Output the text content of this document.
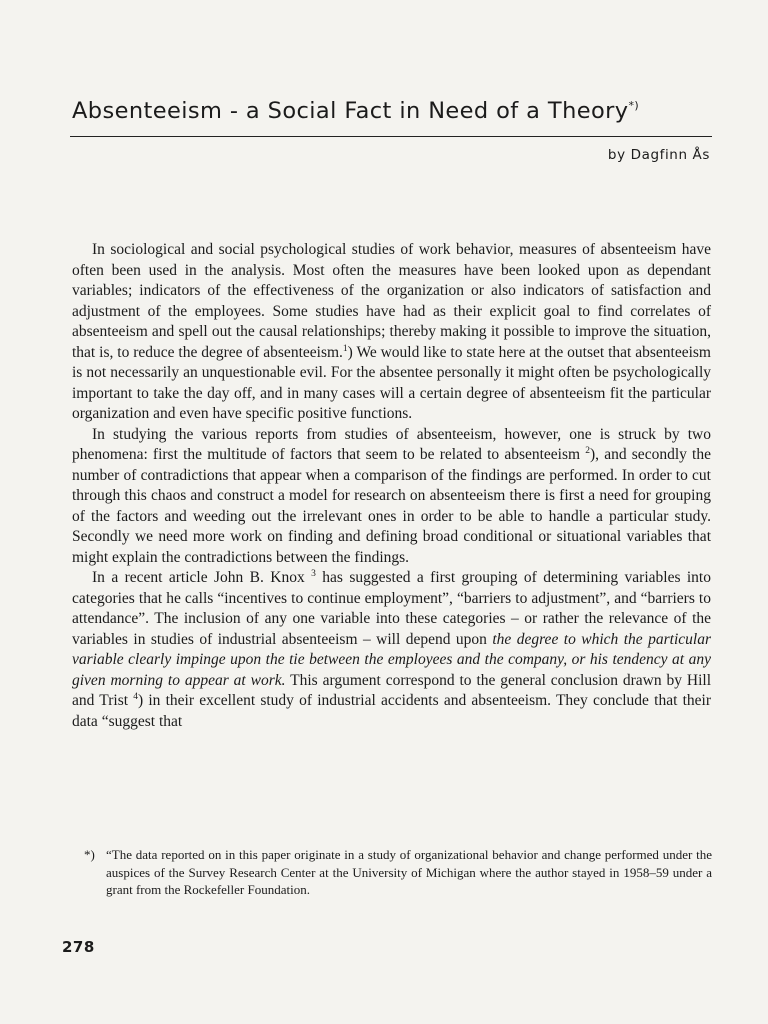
Absenteeism - a Social Fact in Need of a Theory*)
by Dagfinn Ås

In sociological and social psychological studies of work behavior, measures of absenteeism have often been used in the analysis. Most often the measures have been looked upon as dependant variables; indicators of the effectiveness of the organization or also indicators of satisfaction and adjustment of the employees. Some studies have had as their explicit goal to find correlates of absenteeism and spell out the causal relationships; thereby making it possible to improve the situation, that is, to reduce the degree of absenteeism.$^1$) We would like to state here at the outset that absenteeism is not necessarily an unquestionable evil. For the absentee personally it might often be psychologically important to take the day off, and in many cases will a certain degree of absenteeism fit the particular organization and even have specific positive functions.

In studying the various reports from studies of absenteeism, however, one is struck by two phenomena: first the multitude of factors that seem to be related to absenteeism $^2$), and secondly the number of contradictions that appear when a comparison of the findings are performed. In order to cut through this chaos and construct a model for research on absenteeism there is first a need for grouping of the factors and weeding out the irrelevant ones in order to be able to handle a particular study. Secondly we need more work on finding and defining broad conditional or situational variables that might explain the contradictions between the findings.

In a recent article John B. Knox $^3$ has suggested a first grouping of determining variables into categories that he calls “incentives to continue employment”, “barriers to adjustment”, and “barriers to attendance”. The inclusion of any one variable into these categories – or rather the relevance of the variables in studies of industrial absenteeism – will depend upon the degree to which the particular variable clearly impinge upon the tie between the employees and the company, or his tendency at any given morning to appear at work. This argument correspond to the general conclusion drawn by Hill and Trist $^4$) in their excellent study of industrial accidents and absenteeism. They conclude that their data “suggest that

*) “The data reported on in this paper originate in a study of organizational behavior and change performed under the auspices of the Survey Research Center at the University of Michigan where the author stayed in 1958–59 under a grant from the Rockefeller Foundation.
278
